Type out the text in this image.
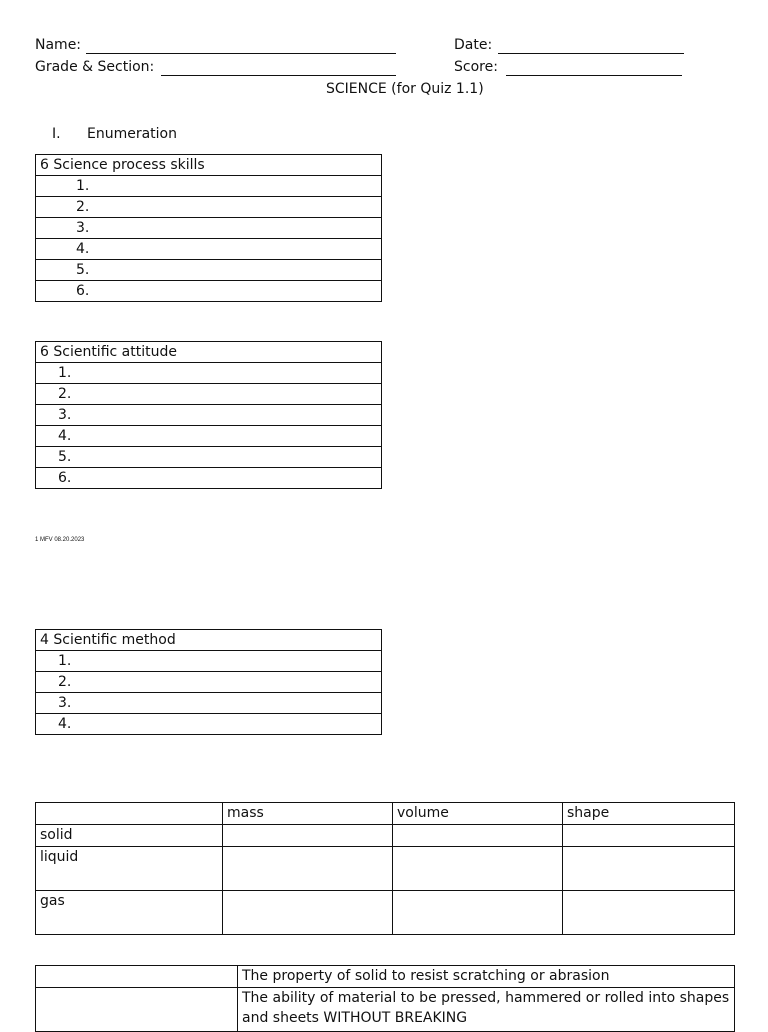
Name:	Date:
Grade & Section:	Score:
SCIENCE (for Quiz 1.1)
I. Enumeration
6 Science process skills
1.
2.
3.
4.
5.
6.
6 Scientific attitude
1.
2.
3.
4.
5.
6.
1 MFV 08.20.2023
4 Scientific method
1.
2.
3.
4.
	mass	volume	shape
solid			
liquid			
gas			
	The property of solid to resist scratching or abrasion
	The ability of material to be pressed, hammered or rolled into shapes and sheets WITHOUT BREAKING
